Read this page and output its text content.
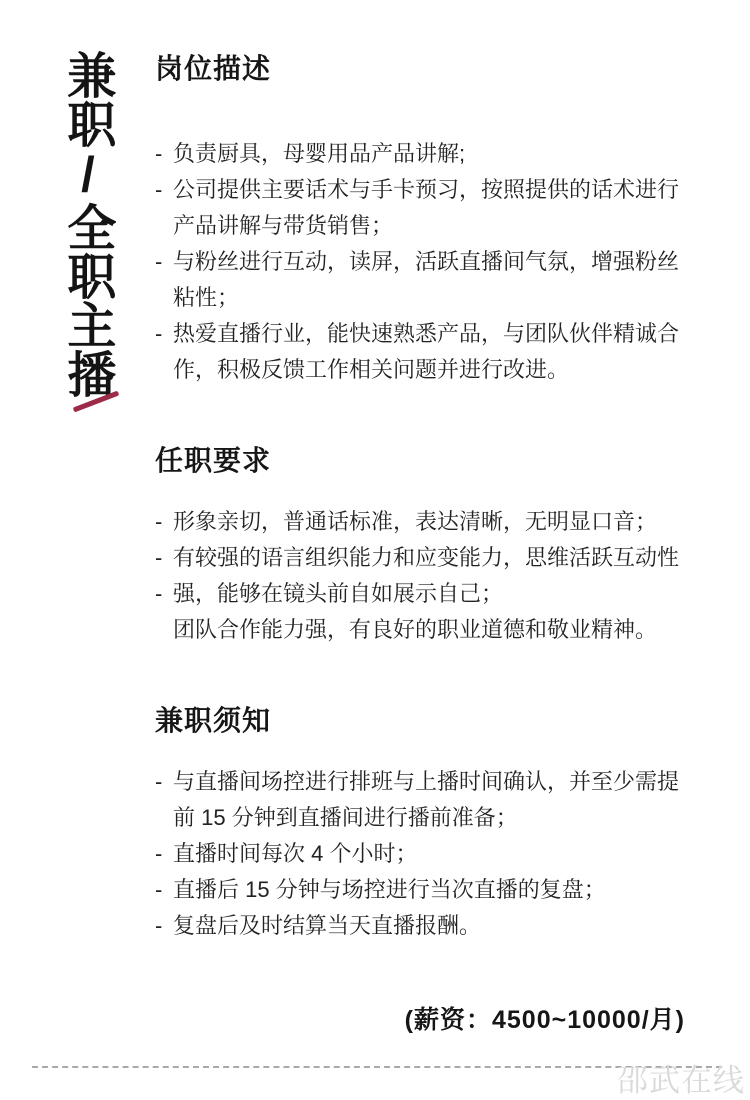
兼职/全职主播 岗位描述
- 负责厨具，母婴用品产品讲解;
- 公司提供主要话术与手卡预习，按照提供的话术进行产品讲解与带货销售；
- 与粉丝进行互动，读屏，活跃直播间气氛，增强粉丝粘性；
- 热爱直播行业，能快速熟悉产品，与团队伙伴精诚合作，积极反馈工作相关问题并进行改进。
任职要求
- 形象亲切，普通话标准，表达清晰，无明显口音；
- 有较强的语言组织能力和应变能力，思维活跃互动性
- 强，能够在镜头前自如展示自己；
团队合作能力强，有良好的职业道德和敬业精神。
兼职须知
- 与直播间场控进行排班与上播时间确认，并至少需提前 15 分钟到直播间进行播前准备；
- 直播时间每次 4 个小时；
- 直播后 15 分钟与场控进行当次直播的复盘；
- 复盘后及时结算当天直播报酬。
(薪资：4500~10000/月)
邵武在线
